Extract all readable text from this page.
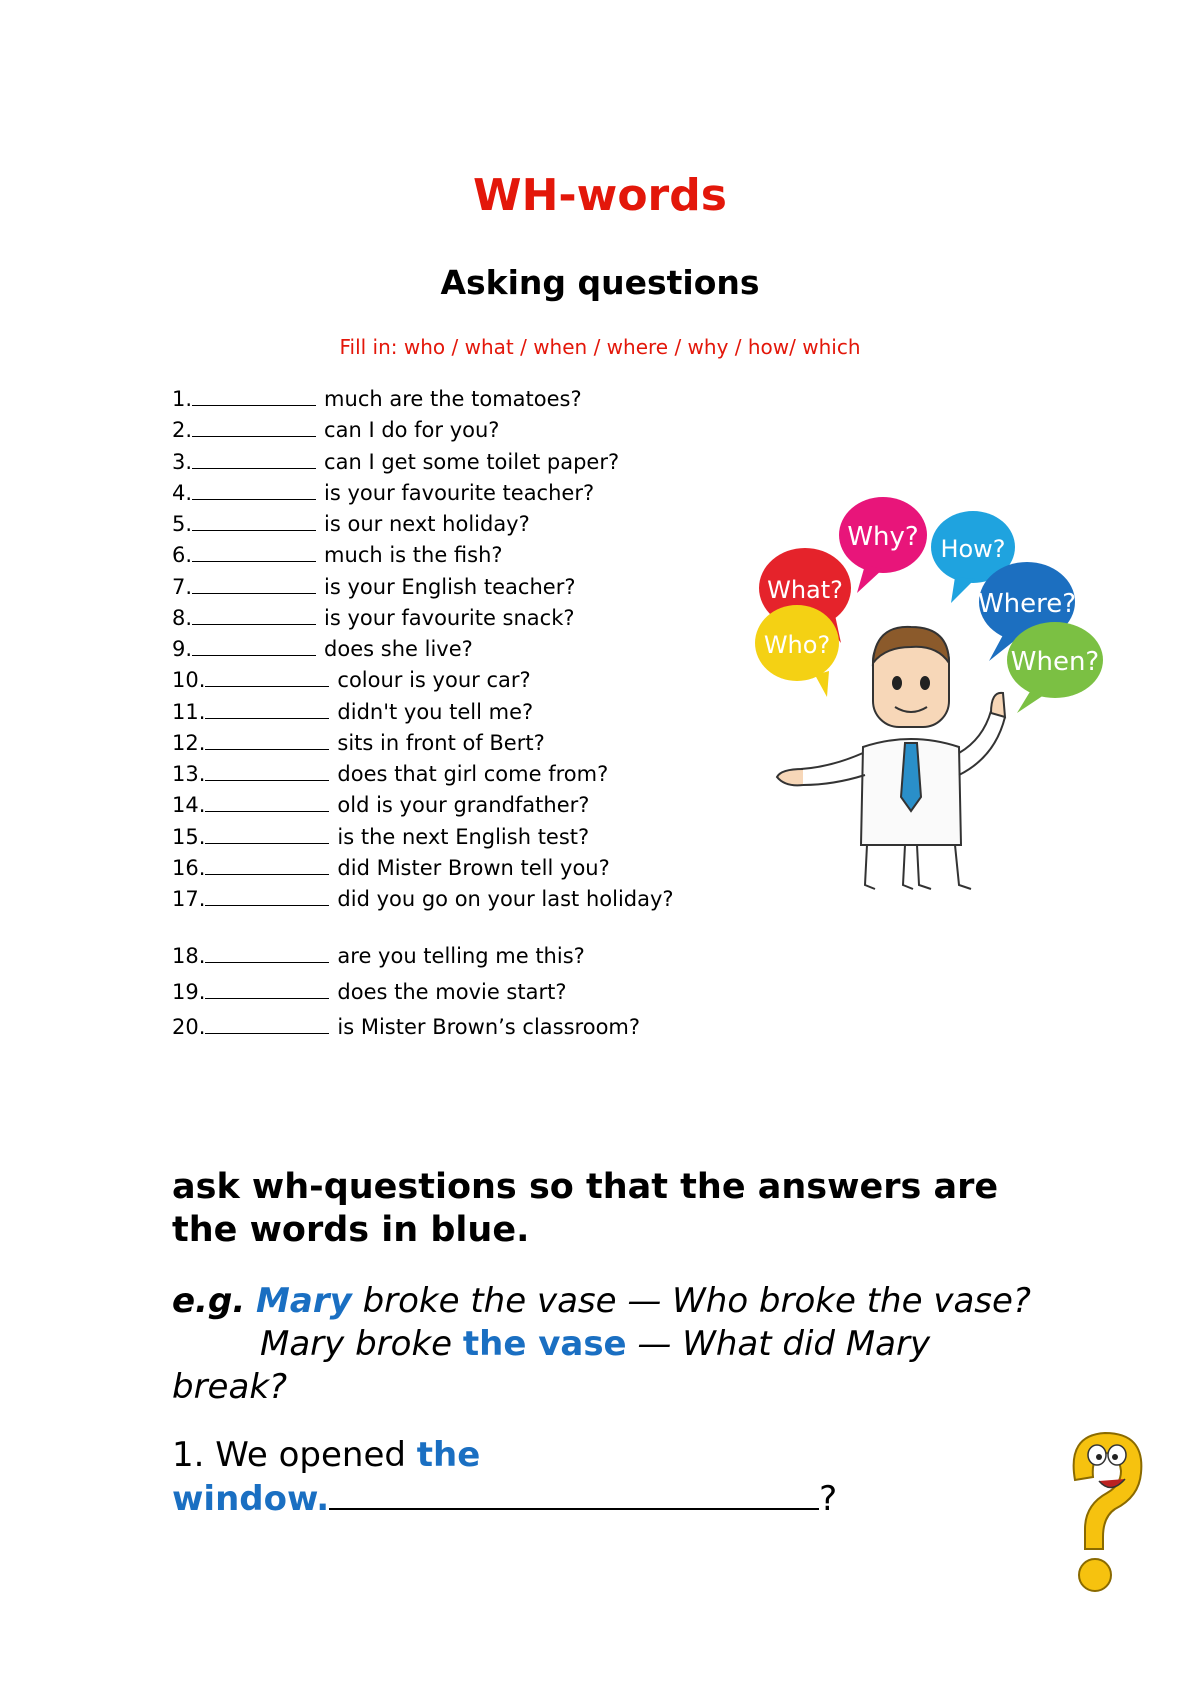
WH-words
Asking questions
Fill in: who / what / when / where / why / how/ which
1.	much are the tomatoes?
2.	can I do for you?
3.	can I get some toilet paper?
4.	is your favourite teacher?
5.	is our next holiday?
6.	much is the fish?
7.	is your English teacher?
8.	is your favourite snack?
9.	does she live?
10.	colour is your car?
11.	didn't you tell me?
12.	sits in front of Bert?
13.	does that girl come from?
14.	old is your grandfather?
15.	is the next English test?
16.	did Mister Brown tell you?
17.	did you go on your last holiday?
18.	are you telling me this?
19.	does the movie start?
20.	is Mister Brown’s classroom?
Why? How?
What?	Where?
Who?
When?
ask wh-questions so that the answers are the words in blue.
e.g. Mary broke the vase — Who broke the vase?
Mary broke the vase — What did Mary
break?
1. We opened the
window.	?
